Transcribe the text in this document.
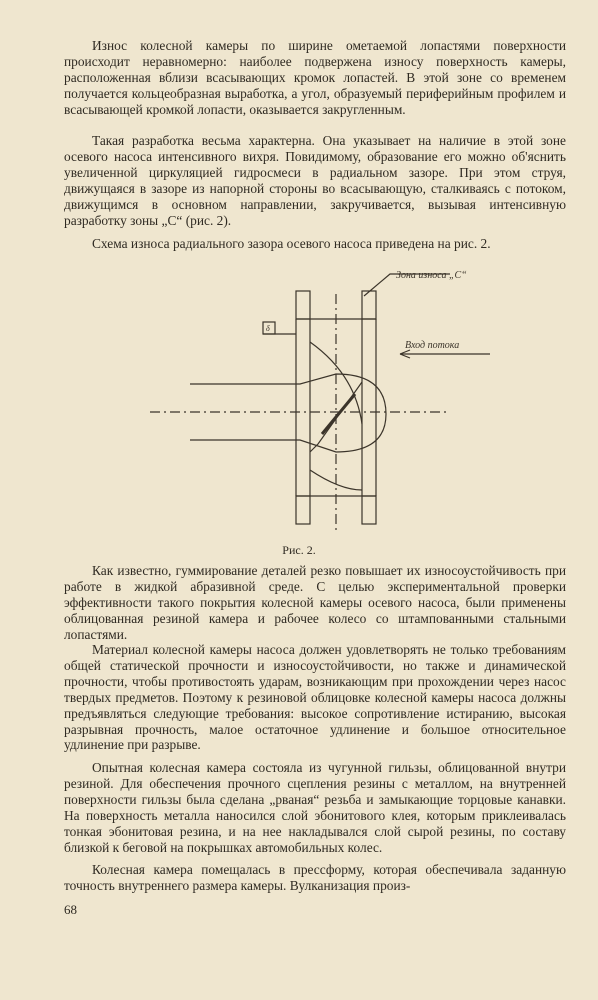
Износ колесной камеры по ширине ометаемой лопастями поверхности происходит неравномерно: наиболее подвержена износу поверхность камеры, расположенная вблизи всасывающих кромок лопастей. В этой зоне со временем получается кольцеобразная выработка, а угол, образуемый периферийным профилем и всасывающей кромкой лопасти, оказывается закругленным.

Такая разработка весьма характерна. Она указывает на наличие в этой зоне осевого насоса интенсивного вихря. Повидимому, образование его можно об'яснить увеличенной циркуляцией гидросмеси в радиальном зазоре. При этом струя, движущаяся в зазоре из напорной стороны во всасывающую, сталкиваясь с потоком, движущимся в основном направлении, закручивается, вызывая интенсивную разработку зоны „С“ (рис. 2).

Схема износа радиального зазора осевого насоса приведена на рис. 2.

Зона износа „С“
Вход потока
δ
Рис. 2.

Как известно, гуммирование деталей резко повышает их износоустойчивость при работе в жидкой абразивной среде. С целью экспериментальной проверки эффективности такого покрытия колесной камеры осевого насоса, были применены облицованная резиной камера и рабочее колесо со штампованными стальными лопастями.

Материал колесной камеры насоса должен удовлетворять не только требованиям общей статической прочности и износоустойчивости, но также и динамической прочности, чтобы противостоять ударам, возникающим при прохождении через насос твердых предметов. Поэтому к резиновой облицовке колесной камеры насоса должны предъявляться следующие требования: высокое сопротивление истиранию, высокая разрывная прочность, малое остаточное удлинение и большое относительное удлинение при разрыве.

Опытная колесная камера состояла из чугунной гильзы, облицованной внутри резиной. Для обеспечения прочного сцепления резины с металлом, на внутренней поверхности гильзы была сделана „рваная“ резьба и замыкающие торцовые канавки. На поверхность металла наносился слой эбонитового клея, которым приклеивалась тонкая эбонитовая резина, и на нее накладывался слой сырой резины, по составу близкой к беговой на покрышках автомобильных колес.

Колесная камера помещалась в прессформу, которая обеспечивала заданную точность внутреннего размера камеры. Вулканизация произ-

68
